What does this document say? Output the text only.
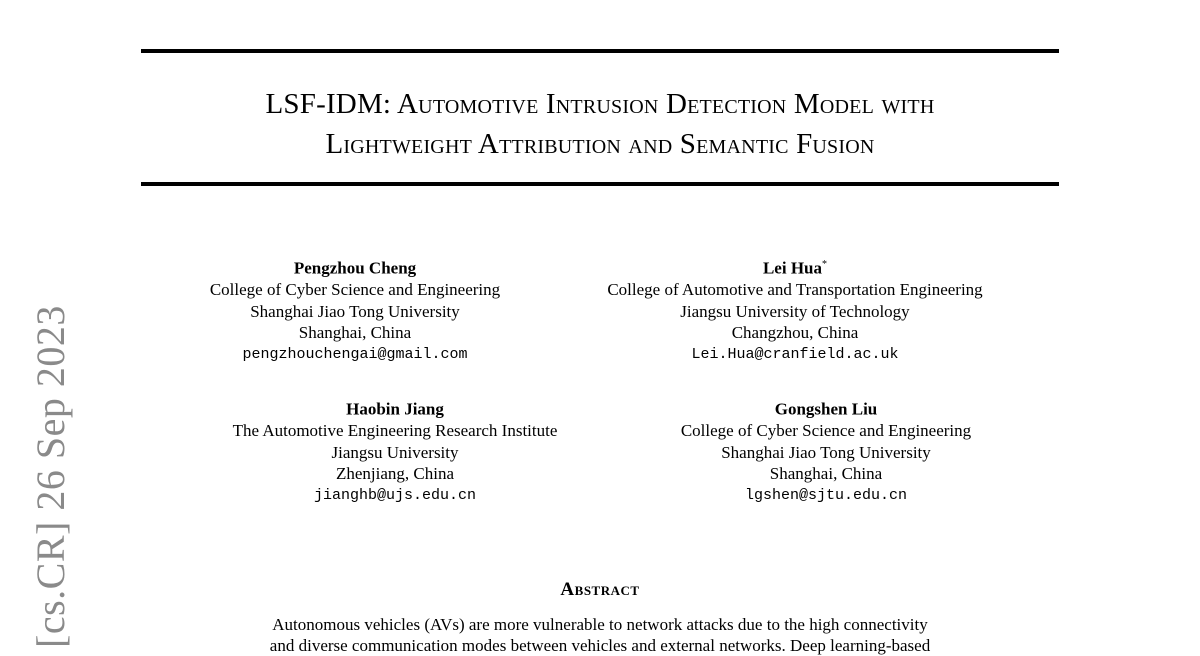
LSF-IDM: Automotive Intrusion Detection Model with
Lightweight Attribution and Semantic Fusion
Pengzhou Cheng
College of Cyber Science and Engineering
Shanghai Jiao Tong University
Shanghai, China
pengzhouchengai@gmail.com
Lei Hua*
College of Automotive and Transportation Engineering
Jiangsu University of Technology
Changzhou, China
Lei.Hua@cranfield.ac.uk
Haobin Jiang
The Automotive Engineering Research Institute
Jiangsu University
Zhenjiang, China
jianghb@ujs.edu.cn
Gongshen Liu
College of Cyber Science and Engineering
Shanghai Jiao Tong University
Shanghai, China
lgshen@sjtu.edu.cn
Abstract
Autonomous vehicles (AVs) are more vulnerable to network attacks due to the high connectivity
and diverse communication modes between vehicles and external networks. Deep learning-based
[cs.CR] 26 Sep 2023
